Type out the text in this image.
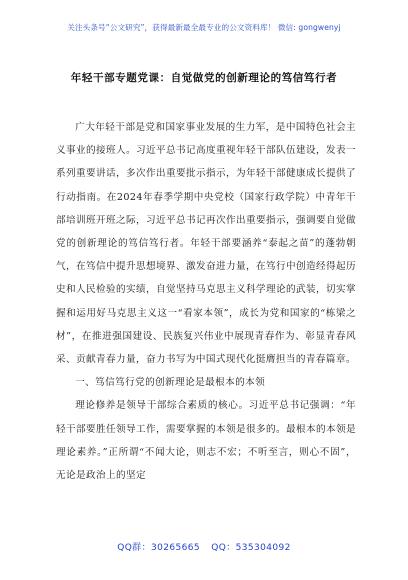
关注头条号“公文研究”，获得最新最全最专业的公文资料库！ 微信: gongwenyj
年轻干部专题党课：自觉做党的创新理论的笃信笃行者

广大年轻干部是党和国家事业发展的生力军，是中国特色社会主义事业的接班人。习近平总书记高度重视年轻干部队伍建设，发表一系列重要讲话，多次作出重要批示指示，为年轻干部健康成长提供了行动指南。在2024年春季学期中央党校（国家行政学院）中青年干部培训班开班之际，习近平总书记再次作出重要指示，强调要自觉做党的创新理论的笃信笃行者。年轻干部要涵养“泰起之苗”的蓬勃朝气，在笃信中提升思想境界、激发奋进力量，在笃行中创造经得起历史和人民检验的实绩，自觉坚持马克思主义科学理论的武装，切实掌握和运用好马克思主义这一“看家本领”，成长为党和国家的“栋梁之材”，在推进强国建设、民族复兴伟业中展现青春作为、彰显青春风采、贡献青春力量，奋力书写为中国式现代化挺膺担当的青春篇章。

一、笃信笃行党的创新理论是最根本的本领

理论修养是领导干部综合素质的核心。习近平总书记强调：“年轻干部要胜任领导工作，需要掌握的本领是很多的。最根本的本领是理论素养。”正所谓“不闻大论，则志不宏；不听至言，则心不固”，无论是政治上的坚定

QQ群：30265665 QQ：535304092
